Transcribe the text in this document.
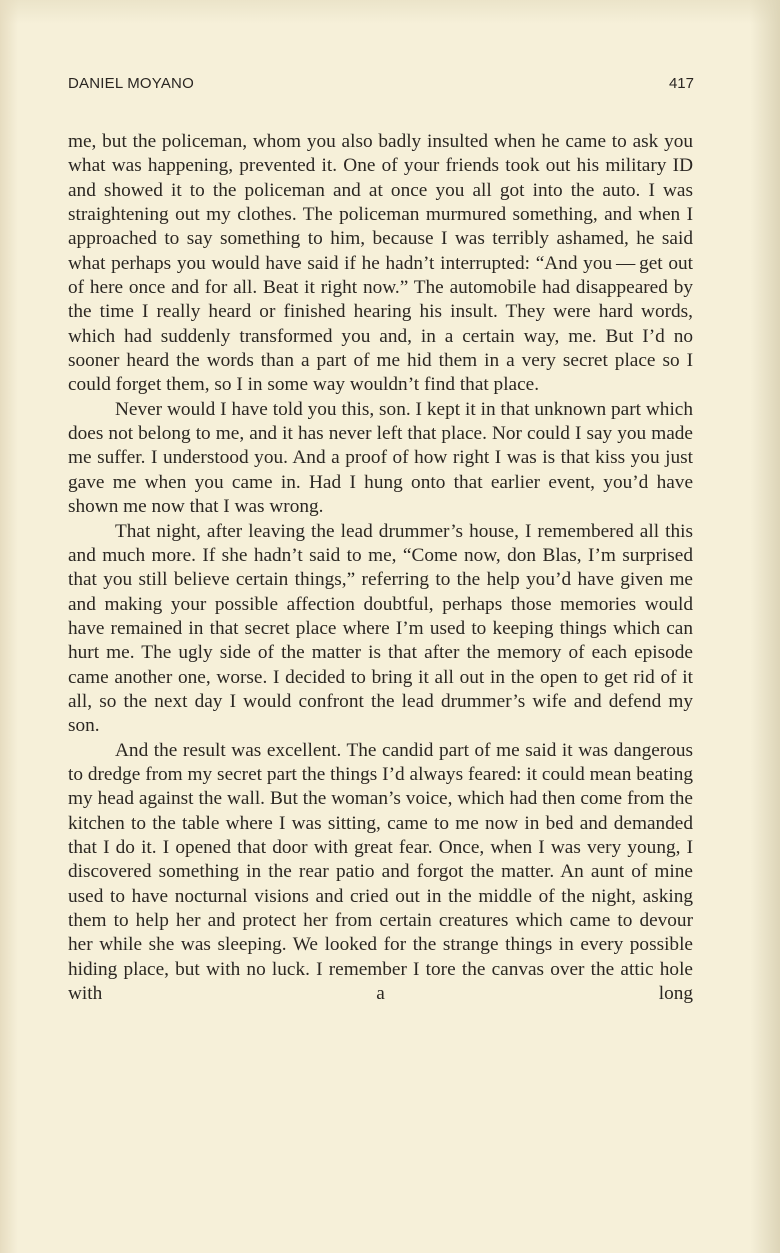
DANIEL MOYANO	417

me, but the policeman, whom you also badly insulted when he came to ask you what was happening, prevented it. One of your friends took out his military ID and showed it to the policeman and at once you all got into the auto. I was straightening out my clothes. The policeman murmured something, and when I approached to say something to him, because I was terribly ashamed, he said what perhaps you would have said if he hadn’t interrupted: “And you — get out of here once and for all. Beat it right now.” The automobile had disappeared by the time I really heard or finished hearing his insult. They were hard words, which had suddenly transformed you and, in a certain way, me. But I’d no sooner heard the words than a part of me hid them in a very secret place so I could forget them, so I in some way wouldn’t find that place.

Never would I have told you this, son. I kept it in that unknown part which does not belong to me, and it has never left that place. Nor could I say you made me suffer. I understood you. And a proof of how right I was is that kiss you just gave me when you came in. Had I hung onto that earlier event, you’d have shown me now that I was wrong.

That night, after leaving the lead drummer’s house, I remembered all this and much more. If she hadn’t said to me, “Come now, don Blas, I’m surprised that you still believe certain things,” referring to the help you’d have given me and making your possible affection doubtful, perhaps those memories would have remained in that secret place where I’m used to keeping things which can hurt me. The ugly side of the matter is that after the memory of each episode came another one, worse. I decided to bring it all out in the open to get rid of it all, so the next day I would confront the lead drummer’s wife and defend my son.

And the result was excellent. The candid part of me said it was dangerous to dredge from my secret part the things I’d always feared: it could mean beating my head against the wall. But the woman’s voice, which had then come from the kitchen to the table where I was sitting, came to me now in bed and demanded that I do it. I opened that door with great fear. Once, when I was very young, I discovered something in the rear patio and forgot the matter. An aunt of mine used to have nocturnal visions and cried out in the middle of the night, asking them to help her and protect her from certain creatures which came to devour her while she was sleeping. We looked for the strange things in every possible hiding place, but with no luck. I remember I tore the canvas over the attic hole with a long
